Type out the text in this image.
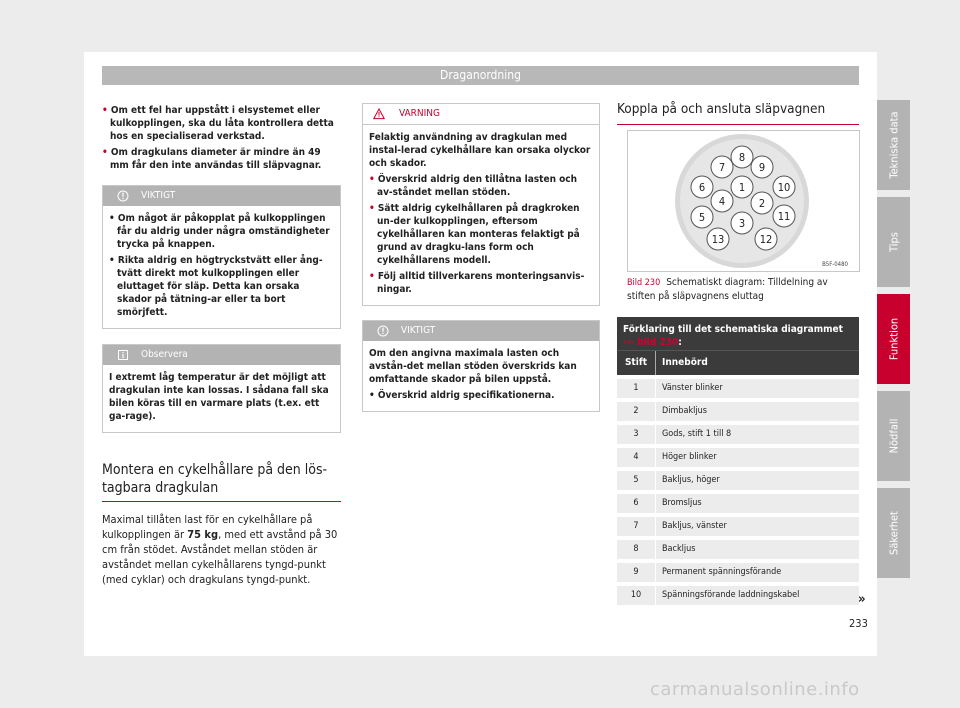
Draganordning

• Om ett fel har uppstått i elsystemet eller kulkopplingen, ska du låta kontrollera detta hos en specialiserad verkstad.

• Om dragkulans diameter är mindre än 49 mm får den inte användas till släpvagnar.

VIKTIGT

• Om något är påkopplat på kulkopplingen får du aldrig under några omständigheter trycka på knappen.

• Rikta aldrig en högtryckstvätt eller ång-tvätt direkt mot kulkopplingen eller eluttaget för släp. Detta kan orsaka skador på tätning-ar eller ta bort smörjfett.

Observera

I extremt låg temperatur är det möjligt att dragkulan inte kan lossas. I sådana fall ska bilen köras till en varmare plats (t.ex. ett ga-rage).

Montera en cykelhållare på den lös-
tagbara dragkulan

Maximal tillåten last för en cykelhållare på kulkopplingen är 75 kg, med ett avstånd på 30 cm från stödet. Avståndet mellan stöden är avståndet mellan cykelhållarens tyngd-punkt (med cyklar) och dragkulans tyngd-punkt.

VARNING

Felaktig användning av dragkulan med instal-lerad cykelhållare kan orsaka olyckor och skador.

• Överskrid aldrig den tillåtna lasten och av-ståndet mellan stöden.

• Sätt aldrig cykelhållaren på dragkroken un-der kulkopplingen, eftersom cykelhållaren kan monteras felaktigt på grund av dragku-lans form och cykelhållarens modell.

• Följ alltid tillverkarens monteringsanvis-ningar.

VIKTIGT

Om den angivna maximala lasten och avstån-det mellan stöden överskrids kan omfattande skador på bilen uppstå.

• Överskrid aldrig specifikationerna.

Koppla på och ansluta släpvagnen

1
2
3
4
5
6
7
8
9
10
11
12
13
B5F-0480
Bild 230 Schematiskt diagram: Tilldelning av stiften på släpvagnens eluttag
Förklaring till det schematiska diagrammet
››› bild 230:
Stift	Innebörd
1	Vänster blinker
2	Dimbakljus
3	Gods, stift 1 till 8
4	Höger blinker
5	Bakljus, höger
6	Bromsljus
7	Bakljus, vänster
8	Backljus
9	Permanent spänningsförande
10	Spänningsförande laddningskabel
Tekniska data
Tips
Funktion
Nödfall
Säkerhet
»
233
carmanualsonline.info
